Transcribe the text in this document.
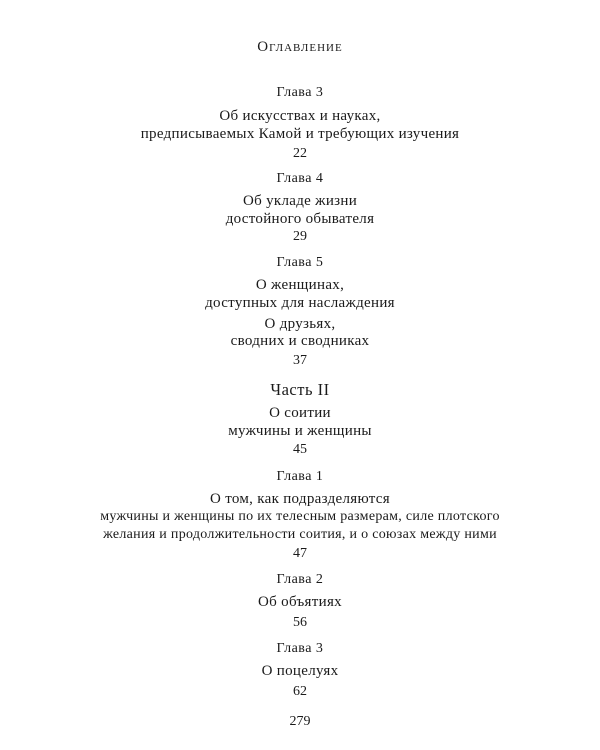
Оглавление
Глава 3
Об искусствах и науках,
предписываемых Камой и требующих изучения
22
Глава 4
Об укладе жизни
достойного обывателя
29
Глава 5
О женщинах,
доступных для наслаждения
О друзьях,
сводних и сводниках
37
Часть II
О соитии
мужчины и женщины
45
Глава 1
О том, как подразделяются
мужчины и женщины по их телесным размерам, силе плотского
желания и продолжительности соития, и о союзах между ними
47
Глава 2
Об объятиях
56
Глава 3
О поцелуях
62
279
